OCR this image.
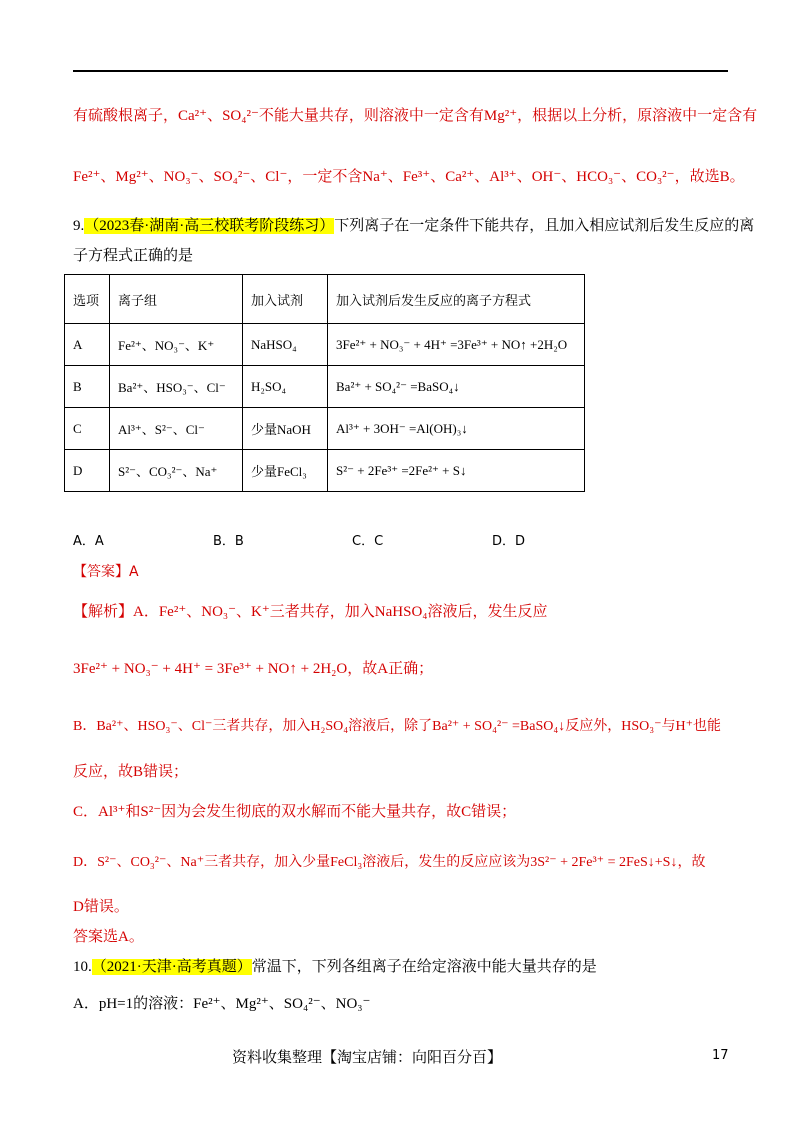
有硫酸根离子，Ca²⁺、SO₄²⁻不能大量共存，则溶液中一定含有Mg²⁺，根据以上分析，原溶液中一定含有
Fe²⁺、Mg²⁺、NO₃⁻、SO₄²⁻、Cl⁻，一定不含Na⁺、Fe³⁺、Ca²⁺、Al³⁺、OH⁻、HCO₃⁻、CO₃²⁻，故选B。
9.（2023春·湖南·高三校联考阶段练习）下列离子在一定条件下能共存，且加入相应试剂后发生反应的离
子方程式正确的是
选项	离子组	加入试剂	加入试剂后发生反应的离子方程式
A	Fe²⁺、NO₃⁻、K⁺	NaHSO₄	3Fe²⁺ + NO₃⁻ + 4H⁺ =3Fe³⁺ + NO↑ +2H₂O
B	Ba²⁺、HSO₃⁻、Cl⁻	H₂SO₄	Ba²⁺ + SO₄²⁻ =BaSO₄↓
C	Al³⁺、S²⁻、Cl⁻	少量NaOH	Al³⁺ + 3OH⁻ =Al(OH)₃↓
D	S²⁻、CO₃²⁻、Na⁺	少量FeCl₃	S²⁻ + 2Fe³⁺ =2Fe²⁺ + S↓
A．A	B．B	C．C	D．D
【答案】A
【解析】A．Fe²⁺、NO₃⁻、K⁺三者共存，加入NaHSO₄溶液后，发生反应
3Fe²⁺ + NO₃⁻ + 4H⁺ = 3Fe³⁺ + NO↑ + 2H₂O，故A正确；
B．Ba²⁺、HSO₃⁻、Cl⁻三者共存，加入H₂SO₄溶液后，除了Ba²⁺ + SO₄²⁻ =BaSO₄↓反应外，HSO₃⁻与H⁺也能
反应，故B错误；
C．Al³⁺和S²⁻因为会发生彻底的双水解而不能大量共存，故C错误；
D．S²⁻、CO₃²⁻、Na⁺三者共存，加入少量FeCl₃溶液后，发生的反应应该为3S²⁻ + 2Fe³⁺ = 2FeS↓+S↓，故
D错误。
答案选A。
10.（2021·天津·高考真题）常温下，下列各组离子在给定溶液中能大量共存的是
A．pH=1的溶液：Fe²⁺、Mg²⁺、SO₄²⁻、NO₃⁻
资料收集整理【淘宝店铺：向阳百分百】	17
